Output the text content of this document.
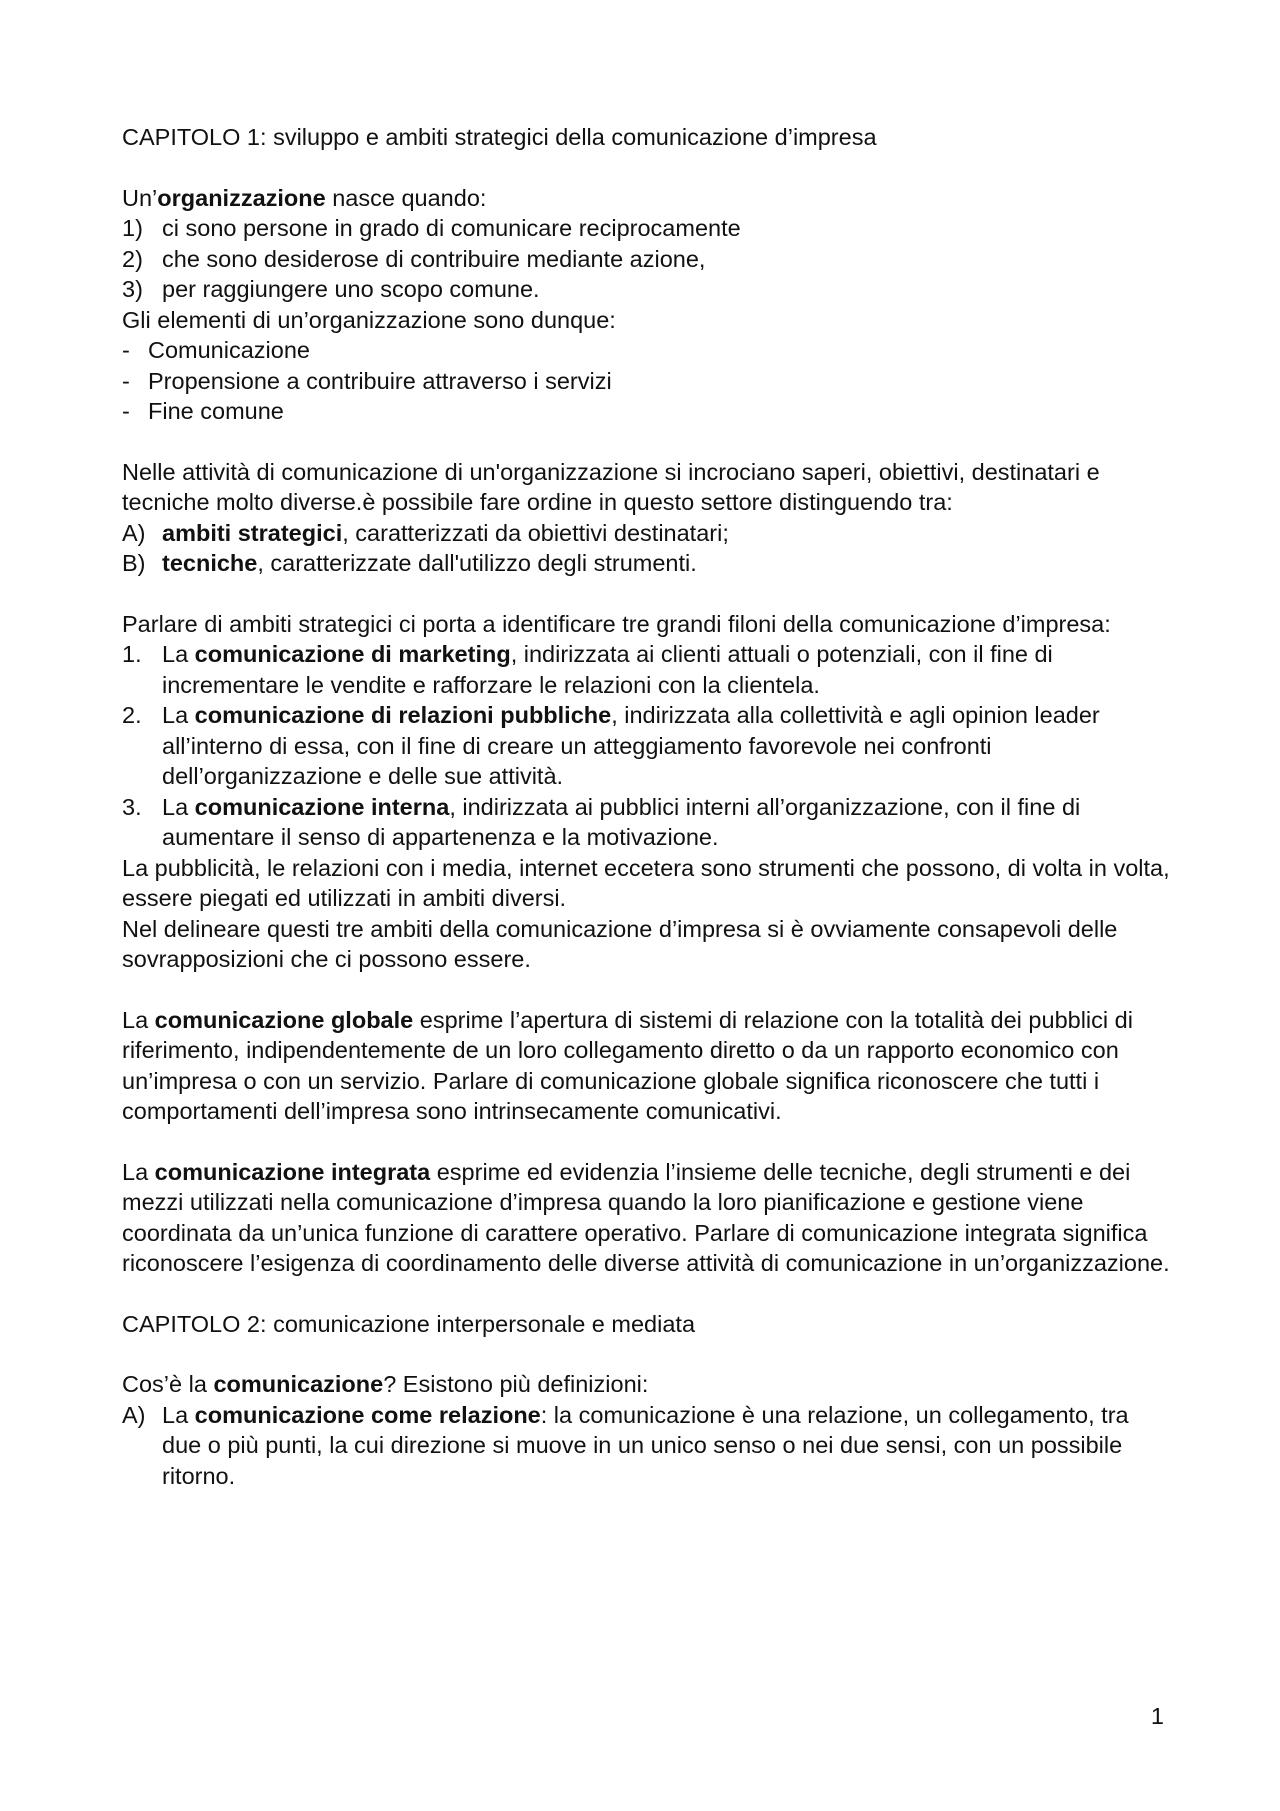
CAPITOLO 1: sviluppo e ambiti strategici della comunicazione d’impresa

Un’organizzazione nasce quando:

1) ci sono persone in grado di comunicare reciprocamente
2) che sono desiderose di contribuire mediante azione,
3) per raggiungere uno scopo comune.

Gli elementi di un’organizzazione sono dunque:

- Comunicazione
- Propensione a contribuire attraverso i servizi
- Fine comune

Nelle attività di comunicazione di un'organizzazione si incrociano saperi, obiettivi, destinatari e tecniche molto diverse.è possibile fare ordine in questo settore distinguendo tra:

A) ambiti strategici, caratterizzati da obiettivi destinatari;
B) tecniche, caratterizzate dall'utilizzo degli strumenti.

Parlare di ambiti strategici ci porta a identificare tre grandi filoni della comunicazione d’impresa:

1. La comunicazione di marketing, indirizzata ai clienti attuali o potenziali, con il fine di incrementare le vendite e rafforzare le relazioni con la clientela.
2. La comunicazione di relazioni pubbliche, indirizzata alla collettività e agli opinion leader all’interno di essa, con il fine di creare un atteggiamento favorevole nei confronti dell’organizzazione e delle sue attività.
3. La comunicazione interna, indirizzata ai pubblici interni all’organizzazione, con il fine di aumentare il senso di appartenenza e la motivazione.

La pubblicità, le relazioni con i media, internet eccetera sono strumenti che possono, di volta in volta, essere piegati ed utilizzati in ambiti diversi.

Nel delineare questi tre ambiti della comunicazione d’impresa si è ovviamente consapevoli delle sovrapposizioni che ci possono essere.

La comunicazione globale esprime l’apertura di sistemi di relazione con la totalità dei pubblici di riferimento, indipendentemente de un loro collegamento diretto o da un rapporto economico con un’impresa o con un servizio. Parlare di comunicazione globale significa riconoscere che tutti i comportamenti dell’impresa sono intrinsecamente comunicativi.

La comunicazione integrata esprime ed evidenzia l’insieme delle tecniche, degli strumenti e dei mezzi utilizzati nella comunicazione d’impresa quando la loro pianificazione e gestione viene coordinata da un’unica funzione di carattere operativo. Parlare di comunicazione integrata significa riconoscere l’esigenza di coordinamento delle diverse attività di comunicazione in un’organizzazione.

CAPITOLO 2: comunicazione interpersonale e mediata

Cos’è la comunicazione? Esistono più definizioni:

A) La comunicazione come relazione: la comunicazione è una relazione, un collegamento, tra due o più punti, la cui direzione si muove in un unico senso o nei due sensi, con un possibile ritorno.
1
